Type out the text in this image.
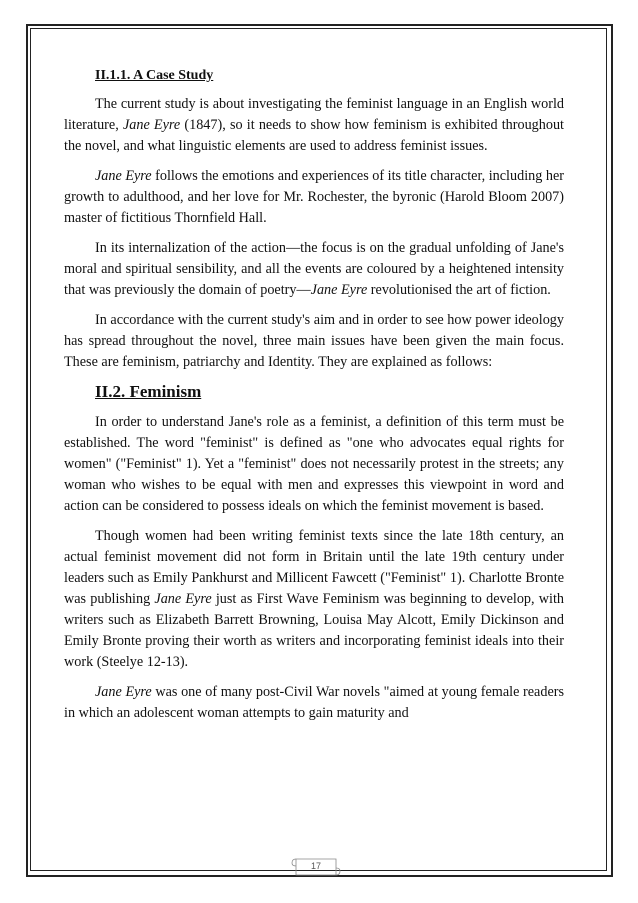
II.1.1. A Case Study

The current study is about investigating the feminist language in an English world literature, Jane Eyre (1847), so it needs to show how feminism is exhibited throughout the novel, and what linguistic elements are used to address feminist issues.

Jane Eyre follows the emotions and experiences of its title character, including her growth to adulthood, and her love for Mr. Rochester, the byronic (Harold Bloom 2007) master of fictitious Thornfield Hall.

In its internalization of the action—the focus is on the gradual unfolding of Jane's moral and spiritual sensibility, and all the events are coloured by a heightened intensity that was previously the domain of poetry—Jane Eyre revolutionised the art of fiction.

In accordance with the current study's aim and in order to see how power ideology has spread throughout the novel, three main issues have been given the main focus. These are feminism, patriarchy and Identity. They are explained as follows:

II.2. Feminism

In order to understand Jane's role as a feminist, a definition of this term must be established. The word "feminist" is defined as "one who advocates equal rights for women" ("Feminist" 1). Yet a "feminist" does not necessarily protest in the streets; any woman who wishes to be equal with men and expresses this viewpoint in word and action can be considered to possess ideals on which the feminist movement is based.

Though women had been writing feminist texts since the late 18th century, an actual feminist movement did not form in Britain until the late 19th century under leaders such as Emily Pankhurst and Millicent Fawcett ("Feminist" 1). Charlotte Bronte was publishing Jane Eyre just as First Wave Feminism was beginning to develop, with writers such as Elizabeth Barrett Browning, Louisa May Alcott, Emily Dickinson and Emily Bronte proving their worth as writers and incorporating feminist ideals into their work (Steelye 12-13).

Jane Eyre was one of many post-Civil War novels "aimed at young female readers in which an adolescent woman attempts to gain maturity and

17
